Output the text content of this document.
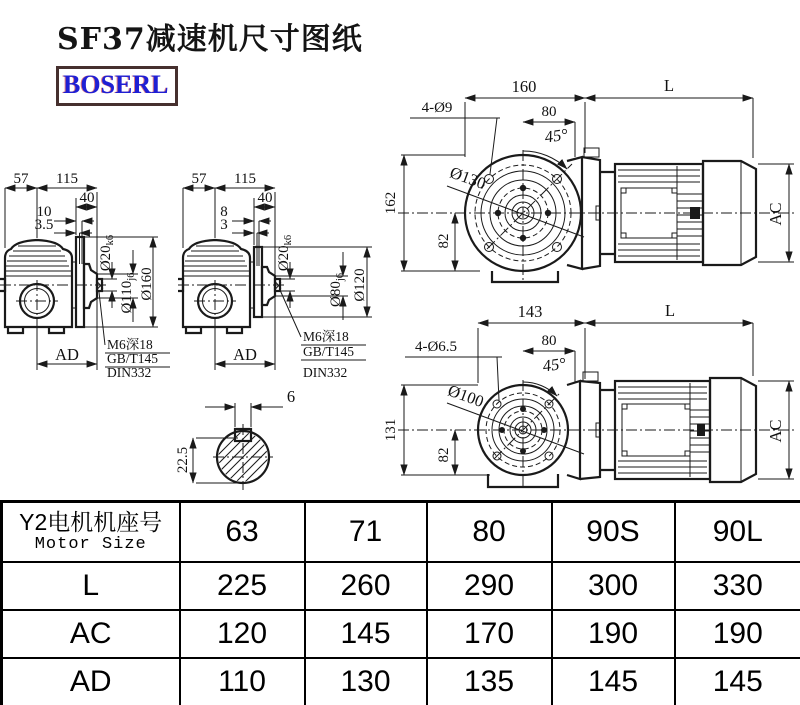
SF37减速机尺寸图纸
BOSERL
57 115
40
10
3.5
$Ø20_{k6}$
$Ø110_{j6}$ Ø160
AD
M6深18
GB/T145
DIN332
57 115
40
8
3
$Ø20_{k6}$
$Ø80_{j6}$ Ø120
AD
M6深18
GB/T145
DIN332
6
22.5
160	L
4-Ø9	80
45°
Ø130
162
82
AC
143	L
4-Ø6.5	80
45°
Ø100
131
82
AC
Y2电机机座号
Motor Size	63	71	80	90S	90L
L	225	260	290	300	330
AC	120	145	170	190	190
AD	110	130	135	145	145
